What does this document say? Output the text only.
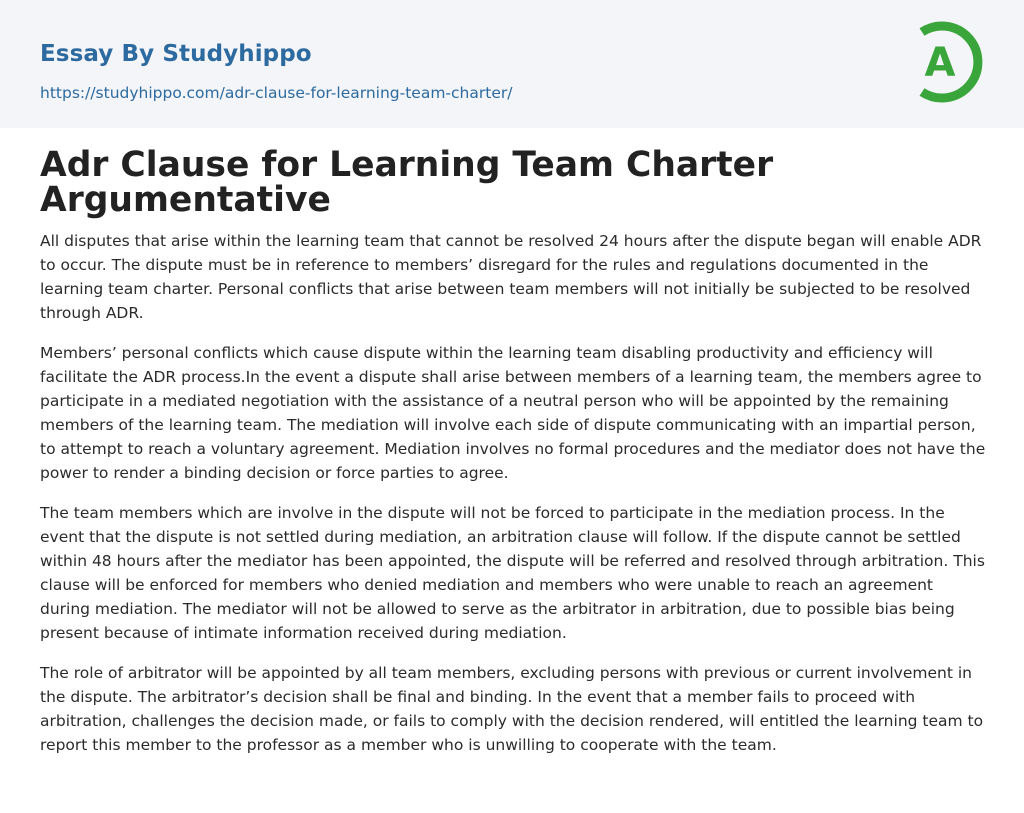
Essay By Studyhippo
https://studyhippo.com/adr-clause-for-learning-team-charter/
A
Adr Clause for Learning Team Charter Argumentative

All disputes that arise within the learning team that cannot be resolved 24 hours after the dispute began will enable ADR to occur. The dispute must be in reference to members’ disregard for the rules and regulations documented in the learning team charter. Personal conflicts that arise between team members will not initially be subjected to be resolved through ADR.

Members’ personal conflicts which cause dispute within the learning team disabling productivity and efficiency will facilitate the ADR process.In the event a dispute shall arise between members of a learning team, the members agree to participate in a mediated negotiation with the assistance of a neutral person who will be appointed by the remaining members of the learning team. The mediation will involve each side of dispute communicating with an impartial person, to attempt to reach a voluntary agreement. Mediation involves no formal procedures and the mediator does not have the power to render a binding decision or force parties to agree.

The team members which are involve in the dispute will not be forced to participate in the mediation process. In the event that the dispute is not settled during mediation, an arbitration clause will follow. If the dispute cannot be settled within 48 hours after the mediator has been appointed, the dispute will be referred and resolved through arbitration. This clause will be enforced for members who denied mediation and members who were unable to reach an agreement during mediation. The mediator will not be allowed to serve as the arbitrator in arbitration, due to possible bias being present because of intimate information received during mediation.

The role of arbitrator will be appointed by all team members, excluding persons with previous or current involvement in the dispute. The arbitrator’s decision shall be final and binding. In the event that a member fails to proceed with arbitration, challenges the decision made, or fails to comply with the decision rendered, will entitled the learning team to report this member to the professor as a member who is unwilling to cooperate with the team.
